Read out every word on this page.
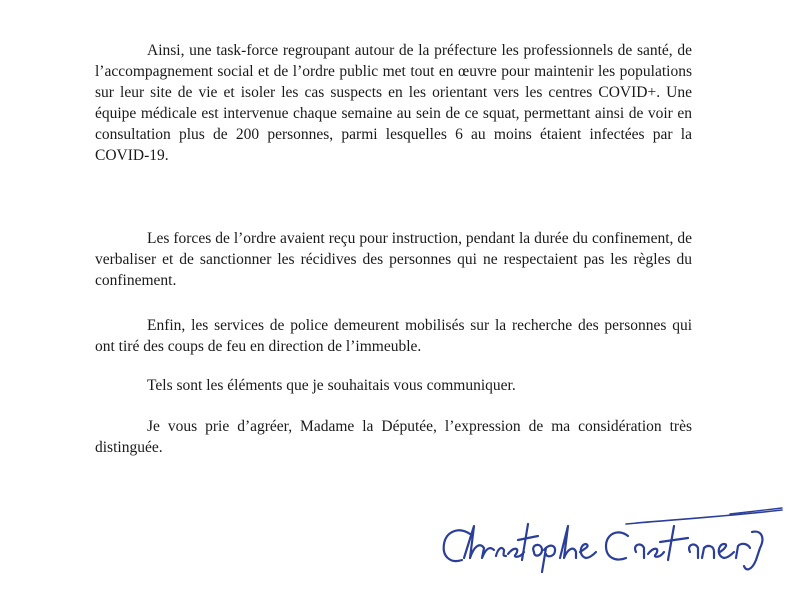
Ainsi, une task-force regroupant autour de la préfecture les professionnels de santé, de l’accompagnement social et de l’ordre public met tout en œuvre pour maintenir les populations sur leur site de vie et isoler les cas suspects en les orientant vers les centres COVID+. Une équipe médicale est intervenue chaque semaine au sein de ce squat, permettant ainsi de voir en consultation plus de 200 personnes, parmi lesquelles 6 au moins étaient infectées par la COVID-19.

Les forces de l’ordre avaient reçu pour instruction, pendant la durée du confinement, de verbaliser et de sanctionner les récidives des personnes qui ne respectaient pas les règles du confinement.

Enfin, les services de police demeurent mobilisés sur la recherche des personnes qui ont tiré des coups de feu en direction de l’immeuble.

Tels sont les éléments que je souhaitais vous communiquer.

Je vous prie d’agréer, Madame la Députée, l’expression de ma considération très distinguée.
